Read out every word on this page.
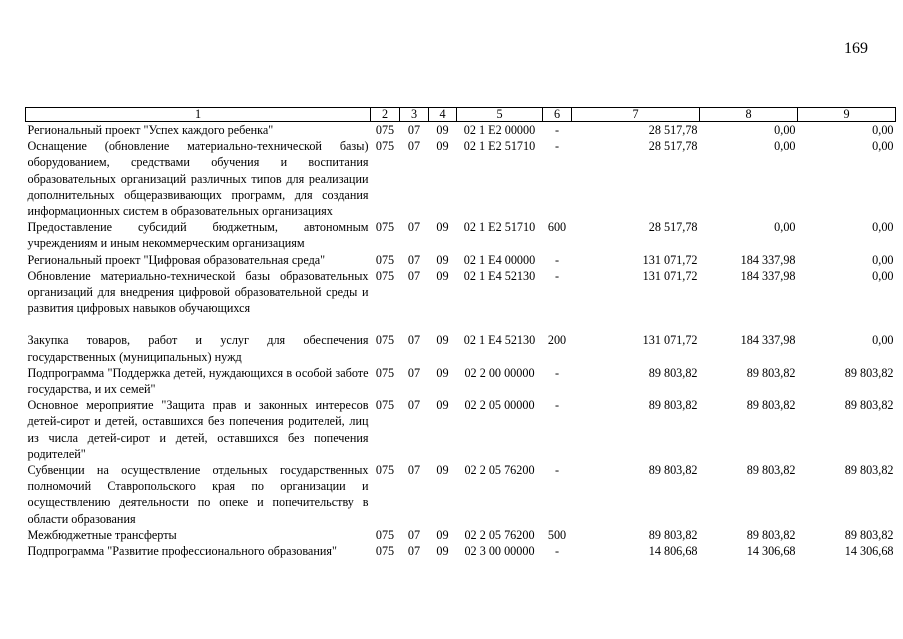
169
1	2	3	4	5	6	7	8	9
Региональный проект "Успех каждого ребенка"	075	07	09	02 1 E2 00000	-	28 517,78	0,00	0,00
Оснащение (обновление материально-технической базы) оборудованием, средствами обучения и воспитания образовательных организаций различных типов для реализации дополнительных общеразвивающих программ, для создания информационных систем в образовательных организациях	075	07	09	02 1 E2 51710	-	28 517,78	0,00	0,00
Предоставление субсидий бюджетным, автономным учреждениям и иным некоммерческим организациям	075	07	09	02 1 E2 51710	600	28 517,78	0,00	0,00
Региональный проект "Цифровая образовательная среда"	075	07	09	02 1 E4 00000	-	131 071,72	184 337,98	0,00
Обновление материально-технической базы образовательных организаций для внедрения цифровой образовательной среды и развития цифровых навыков обучающихся	075	07	09	02 1 E4 52130	-	131 071,72	184 337,98	0,00

Закупка товаров, работ и услуг для обеспечения государственных (муниципальных) нужд	075	07	09	02 1 E4 52130	200	131 071,72	184 337,98	0,00
Подпрограмма "Поддержка детей, нуждающихся в особой заботе государства, и их семей"	075	07	09	02 2 00 00000	-	89 803,82	89 803,82	89 803,82
Основное мероприятие "Защита прав и законных интересов детей-сирот и детей, оставшихся без попечения родителей, лиц из числа детей-сирот и детей, оставшихся без попечения родителей"	075	07	09	02 2 05 00000	-	89 803,82	89 803,82	89 803,82
Субвенции на осуществление отдельных государственных полномочий Ставропольского края по организации и осуществлению деятельности по опеке и попечительству в области образования	075	07	09	02 2 05 76200	-	89 803,82	89 803,82	89 803,82
Межбюджетные трансферты	075	07	09	02 2 05 76200	500	89 803,82	89 803,82	89 803,82
Подпрограмма "Развитие профессионального образования"	075	07	09	02 3 00 00000	-	14 806,68	14 306,68	14 306,68
